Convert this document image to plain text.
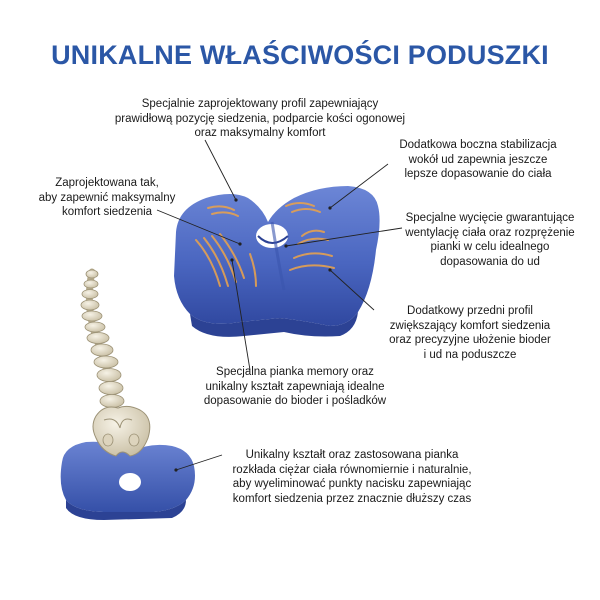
UNIKALNE WŁAŚCIWOŚCI PODUSZKI
Specjalnie zaprojektowany profil zapewniający
prawidłową pozycję siedzenia, podparcie kości ogonowej
oraz maksymalny komfort
Zaprojektowana tak,
aby zapewnić maksymalny
komfort siedzenia
Dodatkowa boczna stabilizacja
wokół ud zapewnia jeszcze
lepsze dopasowanie do ciała
Specjalne wycięcie gwarantujące
wentylację ciała oraz rozprężenie
pianki w celu idealnego
dopasowania do ud
Dodatkowy przedni profil
zwiększający komfort siedzenia
oraz precyzyjne ułożenie bioder
i ud na poduszcze
Specjalna pianka memory oraz
unikalny kształt zapewniają idealne
dopasowanie do bioder i pośladków
Unikalny kształt oraz zastosowana pianka
rozkłada ciężar ciała równomiernie i naturalnie,
aby wyeliminować punkty nacisku zapewniając
komfort siedzenia przez znacznie dłuższy czas
